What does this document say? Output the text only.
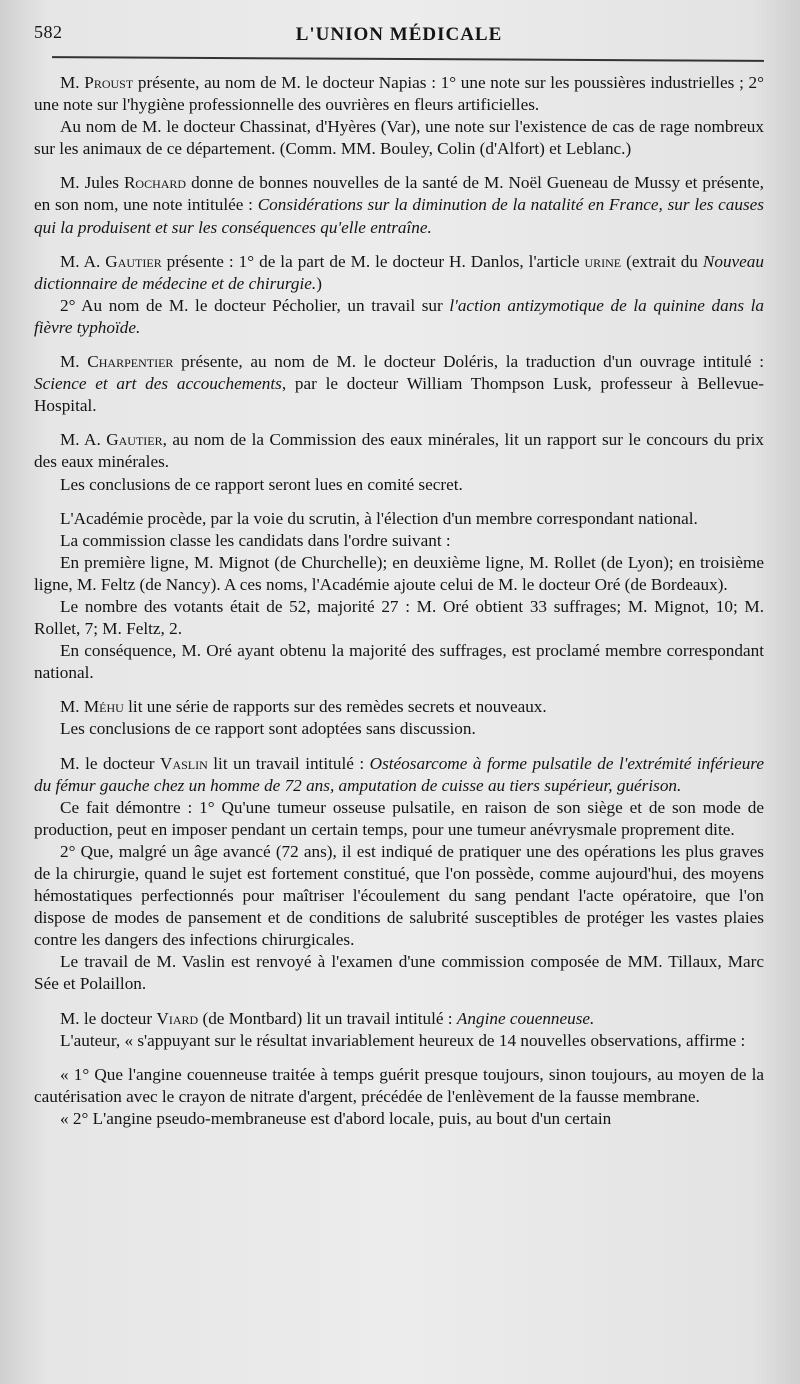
582	L'UNION MÉDICALE

M. Proust présente, au nom de M. le docteur Napias : 1° une note sur les poussières industrielles ; 2° une note sur l'hygiène professionnelle des ouvrières en fleurs artificielles.

Au nom de M. le docteur Chassinat, d'Hyères (Var), une note sur l'existence de cas de rage nombreux sur les animaux de ce département. (Comm. MM. Bouley, Colin (d'Alfort) et Leblanc.)

M. Jules Rochard donne de bonnes nouvelles de la santé de M. Noël Gueneau de Mussy et présente, en son nom, une note intitulée : Considérations sur la diminution de la natalité en France, sur les causes qui la produisent et sur les conséquences qu'elle entraîne.

M. A. Gautier présente : 1° de la part de M. le docteur H. Danlos, l'article urine (extrait du Nouveau dictionnaire de médecine et de chirurgie.)

2° Au nom de M. le docteur Pécholier, un travail sur l'action antizymotique de la quinine dans la fièvre typhoïde.

M. Charpentier présente, au nom de M. le docteur Doléris, la traduction d'un ouvrage intitulé : Science et art des accouchements, par le docteur William Thompson Lusk, professeur à Bellevue-Hospital.

M. A. Gautier, au nom de la Commission des eaux minérales, lit un rapport sur le concours du prix des eaux minérales.

Les conclusions de ce rapport seront lues en comité secret.

L'Académie procède, par la voie du scrutin, à l'élection d'un membre correspondant national.

La commission classe les candidats dans l'ordre suivant :

En première ligne, M. Mignot (de Churchelle); en deuxième ligne, M. Rollet (de Lyon); en troisième ligne, M. Feltz (de Nancy). A ces noms, l'Académie ajoute celui de M. le docteur Oré (de Bordeaux).

Le nombre des votants était de 52, majorité 27 : M. Oré obtient 33 suffrages; M. Mignot, 10; M. Rollet, 7; M. Feltz, 2.

En conséquence, M. Oré ayant obtenu la majorité des suffrages, est proclamé membre correspondant national.

M. Méhu lit une série de rapports sur des remèdes secrets et nouveaux.

Les conclusions de ce rapport sont adoptées sans discussion.

M. le docteur Vaslin lit un travail intitulé : Ostéosarcome à forme pulsatile de l'extrémité inférieure du fémur gauche chez un homme de 72 ans, amputation de cuisse au tiers supérieur, guérison.

Ce fait démontre : 1° Qu'une tumeur osseuse pulsatile, en raison de son siège et de son mode de production, peut en imposer pendant un certain temps, pour une tumeur anévrysmale proprement dite.

2° Que, malgré un âge avancé (72 ans), il est indiqué de pratiquer une des opérations les plus graves de la chirurgie, quand le sujet est fortement constitué, que l'on possède, comme aujourd'hui, des moyens hémostatiques perfectionnés pour maîtriser l'écoulement du sang pendant l'acte opératoire, que l'on dispose de modes de pansement et de conditions de salubrité susceptibles de protéger les vastes plaies contre les dangers des infections chirurgicales.

Le travail de M. Vaslin est renvoyé à l'examen d'une commission composée de MM. Tillaux, Marc Sée et Polaillon.

M. le docteur Viard (de Montbard) lit un travail intitulé : Angine couenneuse.

L'auteur, « s'appuyant sur le résultat invariablement heureux de 14 nouvelles observations, affirme :

« 1° Que l'angine couenneuse traitée à temps guérit presque toujours, sinon toujours, au moyen de la cautérisation avec le crayon de nitrate d'argent, précédée de l'enlèvement de la fausse membrane.

« 2° L'angine pseudo-membraneuse est d'abord locale, puis, au bout d'un certain
